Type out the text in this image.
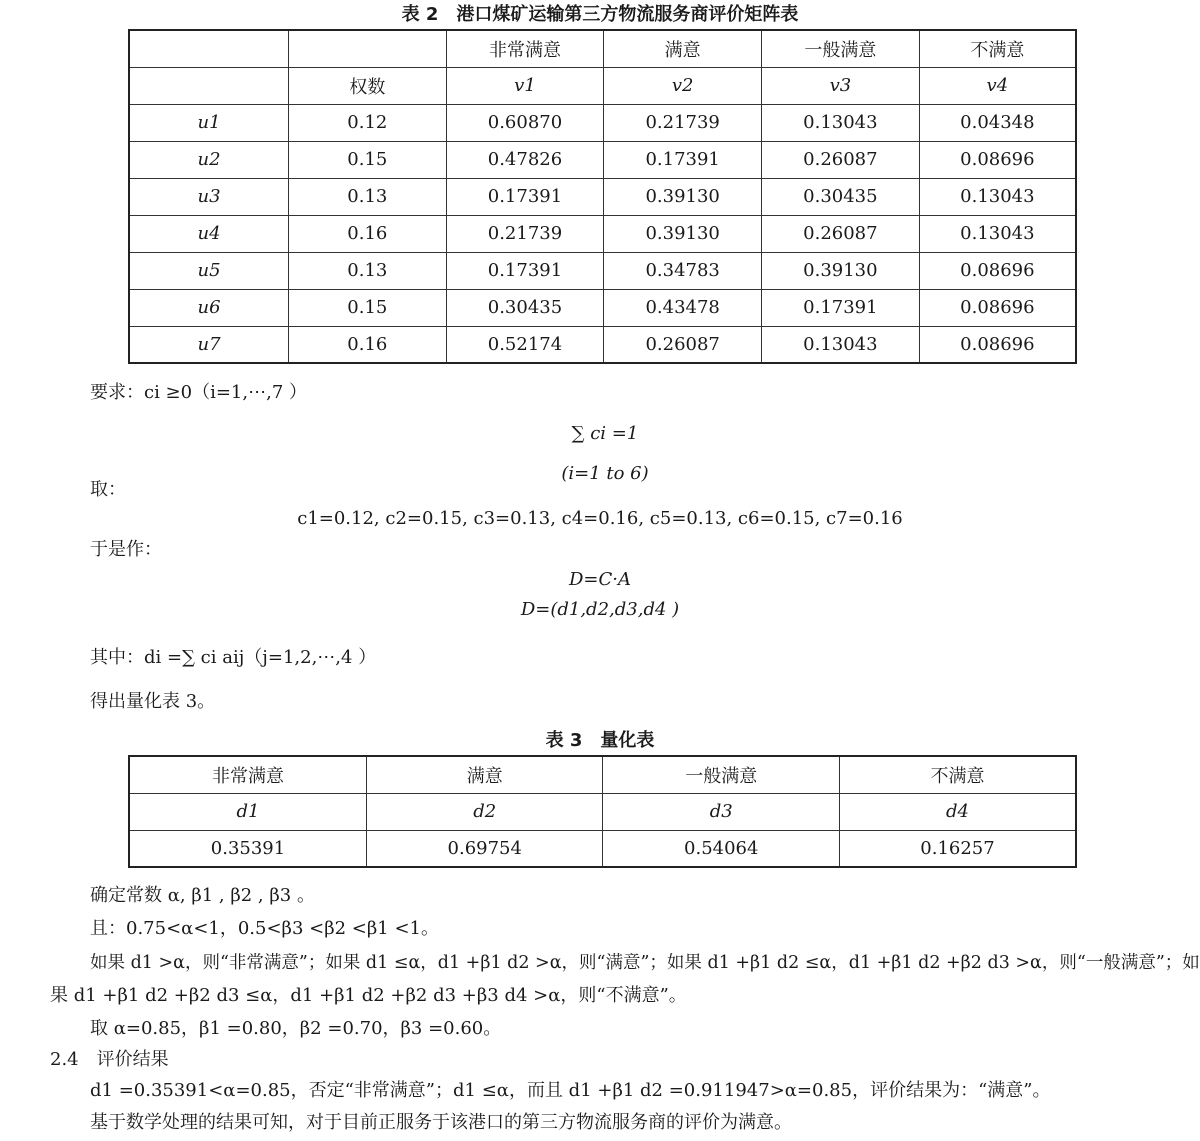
表 2　港口煤矿运输第三方物流服务商评价矩阵表
		非常满意	满意	一般满意	不满意
	权数	v1	v2	v3	v4
u1	0.12	0.60870	0.21739	0.13043	0.04348
u2	0.15	0.47826	0.17391	0.26087	0.08696
u3	0.13	0.17391	0.39130	0.30435	0.13043
u4	0.16	0.21739	0.39130	0.26087	0.13043
u5	0.13	0.17391	0.34783	0.39130	0.08696
u6	0.15	0.30435	0.43478	0.17391	0.08696
u7	0.16	0.52174	0.26087	0.13043	0.08696
要求：ci ≥0（i=1,⋯,7 ）
∑ ci =1 (i=1 to 6)
取：
c1=0.12, c2=0.15, c3=0.13, c4=0.16, c5=0.13, c6=0.15, c7=0.16
于是作：
D=C·A
D=(d1,d2,d3,d4 )
其中：di =∑ ci aij（j=1,2,⋯,4 ）
得出量化表 3。
表 3　量化表
非常满意	满意	一般满意	不满意
d1	d2	d3	d4
0.35391	0.69754	0.54064	0.16257
确定常数 α, β1 , β2 , β3 。
且：0.75<α<1，0.5<β3 <β2 <β1 <1。
如果 d1 >α，则“非常满意”；如果 d1 ≤α，d1 +β1 d2 >α，则“满意”；如果 d1 +β1 d2 ≤α，d1 +β1 d2 +β2 d3 >α，则“一般满意”；如
果 d1 +β1 d2 +β2 d3 ≤α，d1 +β1 d2 +β2 d3 +β3 d4 >α，则“不满意”。
取 α=0.85，β1 =0.80，β2 =0.70，β3 =0.60。
2.4　评价结果
d1 =0.35391<α=0.85，否定“非常满意”；d1 ≤α，而且 d1 +β1 d2 =0.911947>α=0.85，评价结果为：“满意”。
基于数学处理的结果可知，对于目前正服务于该港口的第三方物流服务商的评价为满意。
